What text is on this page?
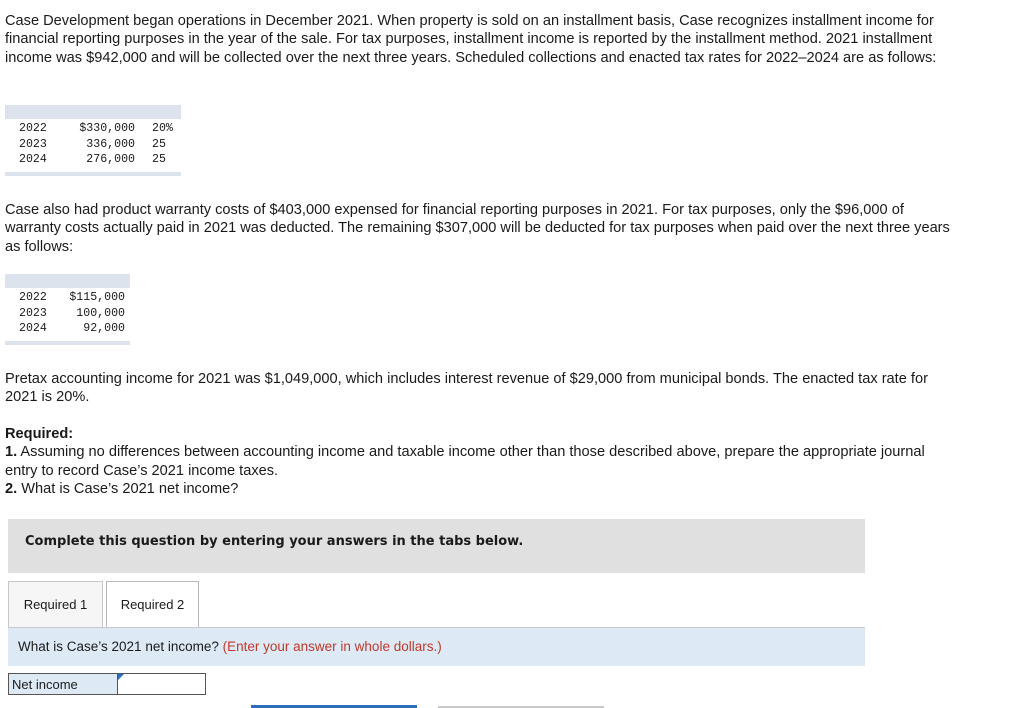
Case Development began operations in December 2021. When property is sold on an installment basis, Case recognizes installment income for financial reporting purposes in the year of the sale. For tax purposes, installment income is reported by the installment method. 2021 installment income was $942,000 and will be collected over the next three years. Scheduled collections and enacted tax rates for 2022–2024 are as follows:

2022	$330,000	20%
2023	336,000	25
2024	276,000	25

Case also had product warranty costs of $403,000 expensed for financial reporting purposes in 2021. For tax purposes, only the $96,000 of warranty costs actually paid in 2021 was deducted. The remaining $307,000 will be deducted for tax purposes when paid over the next three years as follows:

2022	$115,000
2023	100,000
2024	92,000

Pretax accounting income for 2021 was $1,049,000, which includes interest revenue of $29,000 from municipal bonds. The enacted tax rate for 2021 is 20%.

Required:
1. Assuming no differences between accounting income and taxable income other than those described above, prepare the appropriate journal entry to record Case’s 2021 income taxes.
2. What is Case’s 2021 net income?
Complete this question by entering your answers in the tabs below.
Required 1	Required 2
What is Case’s 2021 net income? (Enter your answer in whole dollars.)
Net income
